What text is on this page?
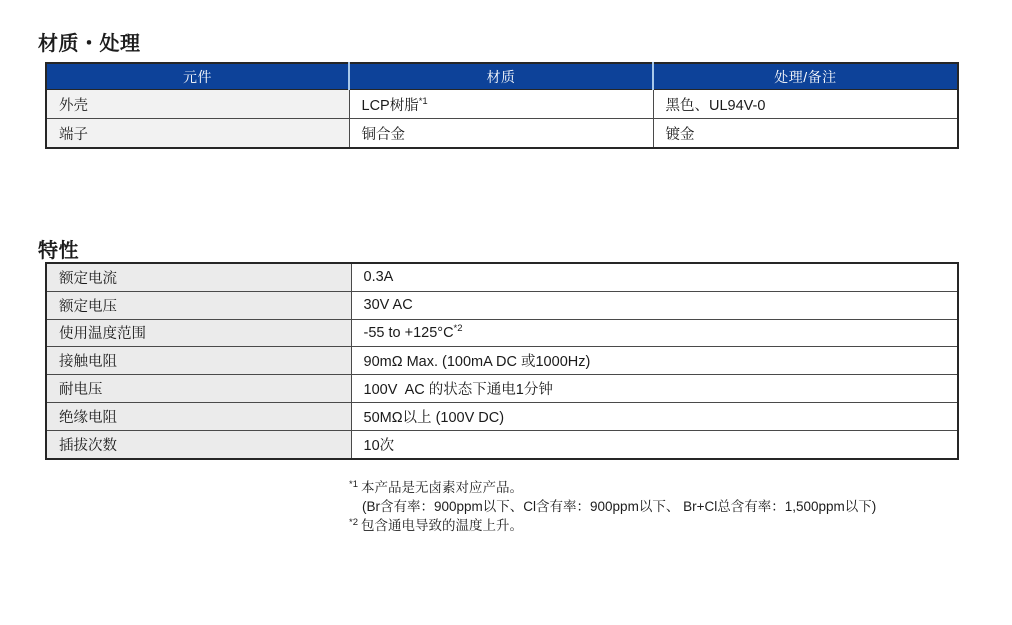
材质・处理
元件	材质	处理/备注
外壳	LCP树脂$^{*1}$	黑色、UL94V-0
端子	铜合金	镀金
特性
额定电流	0.3A
额定电压	30V AC
使用温度范围	-55 to $+125^\circ C^{*2}$
接触电阻	90mΩ Max. (100mA DC 或1000Hz)
耐电压	100V  AC 的状态下通电1分钟
绝缘电阻	50MΩ以上 (100V DC)
插拔次数	10次
$^{*1}$ 本产品是无卤素对应产品。
(Br含有率：900ppm以下、Cl含有率：900ppm以下、 Br+Cl总含有率：1,500ppm以下)
$^{*2}$ 包含通电导致的温度上升。
